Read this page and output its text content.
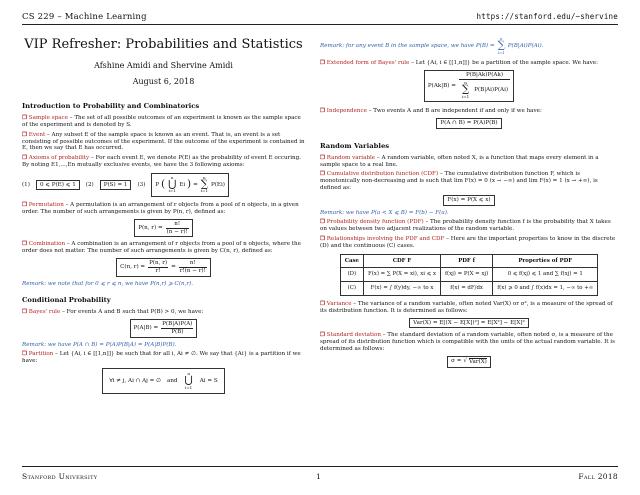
CS 229 – Machine Learning	https://stanford.edu/~shervine
VIP Refresher: Probabilities and Statistics
Afshine Amidi and Shervine Amidi
August 6, 2018
Introduction to Probability and Combinatorics

❒ Sample space – The set of all possible outcomes of an experiment is known as the sample space of the experiment and is denoted by S.

❒ Event – Any subset E of the sample space is known as an event. That is, an event is a set consisting of possible outcomes of the experiment. If the outcome of the experiment is contained in E, then we say that E has occurred.

❒ Axioms of probability – For each event E, we denote P(E) as the probability of event E occuring. By noting E1,...,En mutually exclusive events, we have the 3 following axioms:

(1)	0 ⩽ P(E) ⩽ 1	(2)	P(S) = 1	(3) P (
n
⋃
i=1
Ei ) =
n
∑
i=1
P(Ei)

❒ Permutation – A permutation is an arrangement of r objects from a pool of n objects, in a given order. The number of such arrangements is given by P(n, r), defined as:

P(n, $r) = \frac{n!}{(n - r)!}$

❒ Combination – A combination is an arrangement of r objects from a pool of n objects, where the order does not matter. The number of such arrangements is given by C(n, r), defined as:

C(n, $r) = \frac{P(n, r)}{r!} = \frac{n!}{r!(n - r)!}$

Remark: we note that for 0 ⩽ r ⩽ n, we have P(n,r) ⩾ C(n,r).

Conditional Probability

❒ Bayes' rule – For events A and B such that P(B) > 0, we have:

$P(A|B) = \frac{P(B|A)P(A)}{P(B)}$

Remark: we have P(A ∩ B) = P(A)P(B|A) = P(A|B)P(B).

❒ Partition – Let {Ai, i ∈ [[1,n]]} be such that for all i, Ai ≠ ∅. We say that {Ai} is a partition if we have:

∀i ≠ j, Ai ∩ Aj = ∅ and
n
⋃
i=1
Ai = S

Remark: for any event B in the sample space, we have P(B) =
n
∑
i=1
P(B|Ai)P(Ai).

❒ Extended form of Bayes' rule – Let {Ai, i ∈ [[1,n]]} be a partition of the sample space. We have:

P(Ak|B) =
P(B|Ak)P(Ak)
n
∑
i=1
P(B|Ai)P(Ai)

❒ Independence – Two events A and B are independent if and only if we have:

P(A ∩ B) = P(A)P(B)
Random Variables

❒ Random variable – A random variable, often noted X, is a function that maps every element in a sample space to a real line.

❒ Cumulative distribution function (CDF) – The cumulative distribution function F, which is monotonically non-decreasing and is such that lim F(x) = 0 (x → −∞) and lim F(x) = 1 (x → +∞), is defined as:

F(x) = P(X ⩽ x)

Remark: we have P(a < X ⩽ B) = F(b) − F(a).

❒ Probability density function (PDF) – The probability density function f is the probability that X takes on values between two adjacent realizations of the random variable.

❒ Relationships involving the PDF and CDF – Here are the important properties to know in the discrete (D) and the continuous (C) cases.

Case	CDF F	PDF f	Properties of PDF
(D)	F(x) = ∑ P(X = xi), xi ⩽ x	f(xj) = P(X = xj)	0 ⩽ f(xj) ⩽ 1 and ∑ f(xj) = 1
(C)	F(x) = ∫ f(y)dy, −∞ to x	f(x) = dF/dx	f(x) ⩾ 0 and ∫ f(x)dx = 1, −∞ to +∞

❒ Variance – The variance of a random variable, often noted Var(X) or σ², is a measure of the spread of its distribution function. It is determined as follows:

Var(X) = E[(X − E[X])²] = E[X²] − E[X]²

❒ Standard deviation – The standard deviation of a random variable, often noted σ, is a measure of the spread of its distribution function which is compatible with the units of the actual random variable. It is determined as follows:

σ = √ Var(X)
Stanford University	1	Fall 2018
